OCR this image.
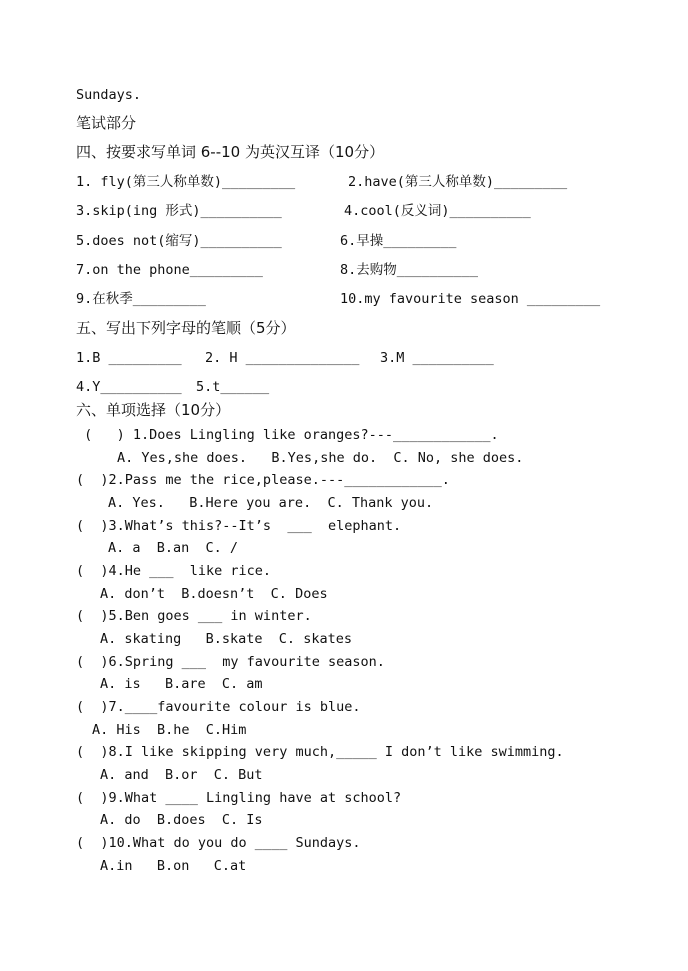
Sundays.
笔试部分
四、按要求写单词 6--10 为英汉互译（10分）
1. fly(第三人称单数)_________	2.have(第三人称单数)_________
3.skip(ing 形式)__________	4.cool(反义词)__________
5.does not(缩写)__________	6.早操_________
7.on the phone_________	8.去购物__________
9.在秋季_________	10.my favourite season _________
五、写出下列字母的笔顺（5分）
1.B _________ 2. H ______________ 3.M __________
4.Y__________ 5.t______
六、单项选择（10分）
(   ) 1.Does Lingling like oranges?---____________.
A. Yes,she does.   B.Yes,she do.  C. No, she does.
(  )2.Pass me the rice,please.---____________.
A. Yes.   B.Here you are.  C. Thank you.
(  )3.What’s this?--It’s  ___  elephant.
A. a  B.an  C. /
(  )4.He ___  like rice.
A. don’t  B.doesn’t  C. Does
(  )5.Ben goes ___ in winter.
A. skating   B.skate  C. skates
(  )6.Spring ___  my favourite season.
A. is   B.are  C. am
(  )7.____favourite colour is blue.
A. His  B.he  C.Him
(  )8.I like skipping very much,_____ I don’t like swimming.
A. and  B.or  C. But
(  )9.What ____ Lingling have at school?
A. do  B.does  C. Is
(  )10.What do you do ____ Sundays.
A.in   B.on   C.at
